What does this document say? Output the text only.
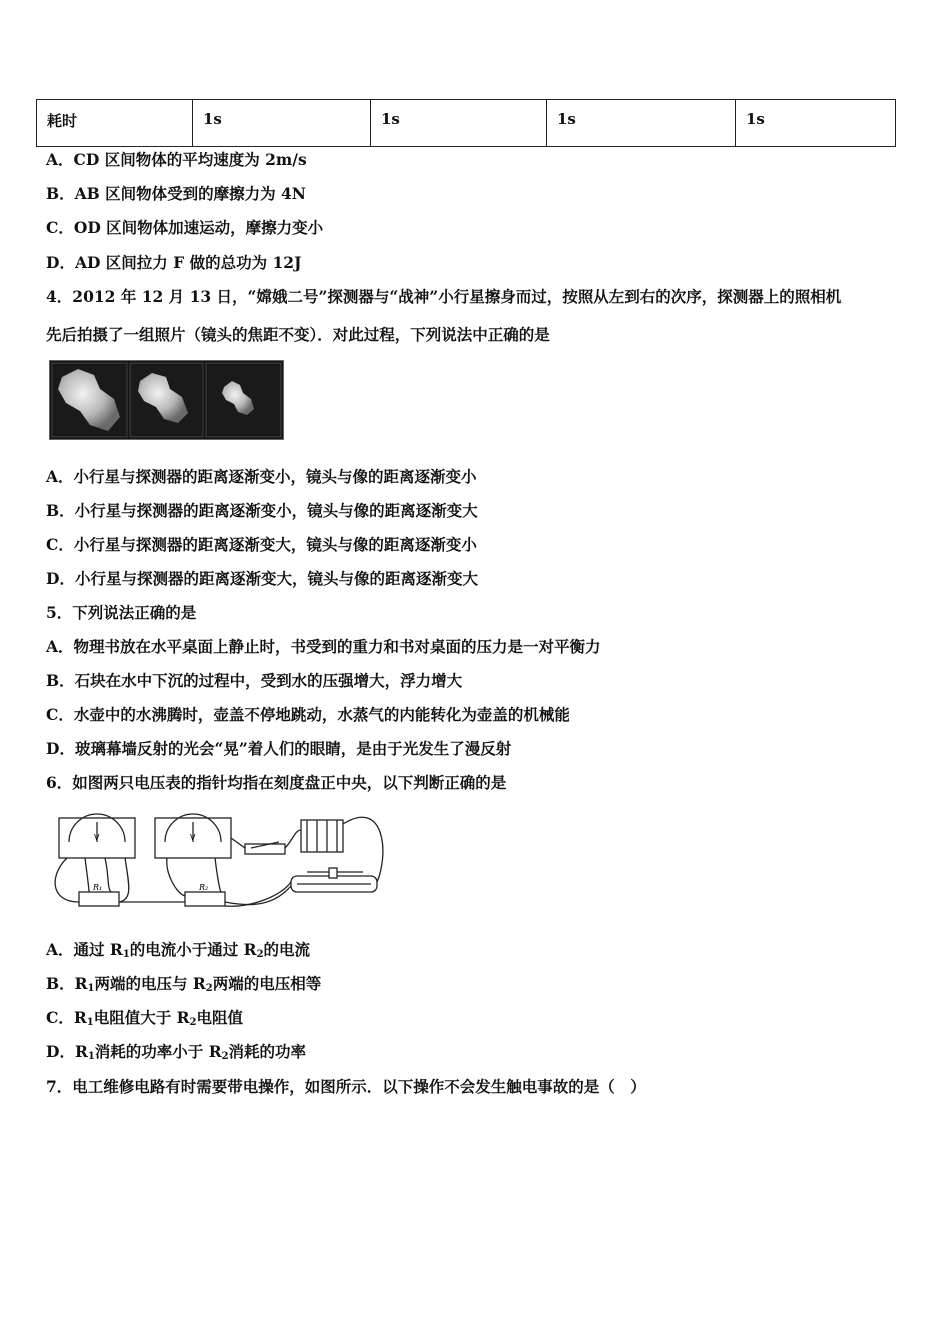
耗时	1s	1s	1s	1s
A．CD 区间物体的平均速度为 2m/s
B．AB 区间物体受到的摩擦力为 4N
C．OD 区间物体加速运动，摩擦力变小
D．AD 区间拉力 F 做的总功为 12J
4．2012 年 12 月 13 日，“嫦娥二号”探测器与“战神”小行星擦身而过，按照从左到右的次序，探测器上的照相机
先后拍摄了一组照片（镜头的焦距不变）．对此过程，下列说法中正确的是
A．小行星与探测器的距离逐渐变小，镜头与像的距离逐渐变小
B．小行星与探测器的距离逐渐变小，镜头与像的距离逐渐变大
C．小行星与探测器的距离逐渐变大，镜头与像的距离逐渐变小
D．小行星与探测器的距离逐渐变大，镜头与像的距离逐渐变大
5．下列说法正确的是
A．物理书放在水平桌面上静止时，书受到的重力和书对桌面的压力是一对平衡力
B．石块在水中下沉的过程中，受到水的压强增大，浮力增大
C．水壶中的水沸腾时，壶盖不停地跳动，水蒸气的内能转化为壶盖的机械能
D．玻璃幕墙反射的光会“晃”着人们的眼睛，是由于光发生了漫反射
6．如图两只电压表的指针均指在刻度盘正中央，以下判断正确的是
V	V
R₁	R₂
A．通过 $R_1$的电流小于通过 $R_2$的电流
B．$R_1$两端的电压与 $R_2$两端的电压相等
C．$R_1$电阻值大于 $R_2$电阻值
D．$R_1$消耗的功率小于 $R_2$消耗的功率
7．电工维修电路有时需要带电操作，如图所示．以下操作不会发生触电事故的是（　）
